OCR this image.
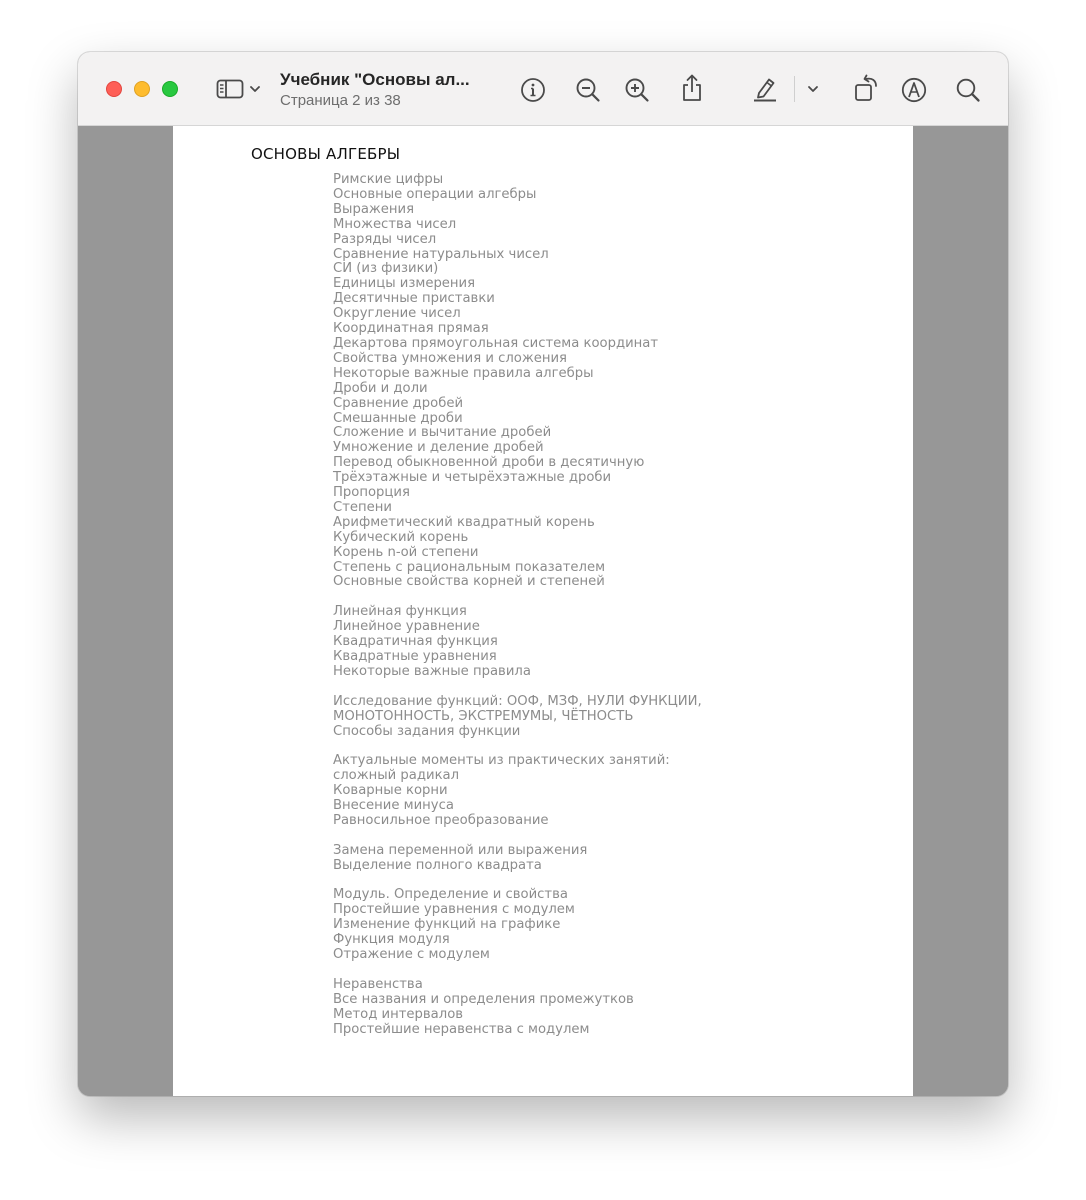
Учебник "Основы ал...
Страница 2 из 38
ОСНОВЫ АЛГЕБРЫ
Римские цифры
Основные операции алгебры
Выражения
Множества чисел
Разряды чисел
Сравнение натуральных чисел
СИ (из физики)
Единицы измерения
Десятичные приставки
Округление чисел
Координатная прямая
Декартова прямоугольная система координат
Свойства умножения и сложения
Некоторые важные правила алгебры
Дроби и доли
Сравнение дробей
Смешанные дроби
Сложение и вычитание дробей
Умножение и деление дробей
Перевод обыкновенной дроби в десятичную
Трёхэтажные и четырёхэтажные дроби
Пропорция
Степени
Арифметический квадратный корень
Кубический корень
Корень n-ой степени
Степень с рациональным показателем
Основные свойства корней и степеней
Линейная функция
Линейное уравнение
Квадратичная функция
Квадратные уравнения
Некоторые важные правила
Исследование функций: ООФ, МЗФ, НУЛИ ФУНКЦИИ,
МОНОТОННОСТЬ, ЭКСТРЕМУМЫ, ЧЁТНОСТЬ
Способы задания функции
Актуальные моменты из практических занятий:
сложный радикал
Коварные корни
Внесение минуса
Равносильное преобразование
Замена переменной или выражения
Выделение полного квадрата
Модуль. Определение и свойства
Простейшие уравнения с модулем
Изменение функций на графике
Функция модуля
Отражение с модулем
Неравенства
Все названия и определения промежутков
Метод интервалов
Простейшие неравенства с модулем
